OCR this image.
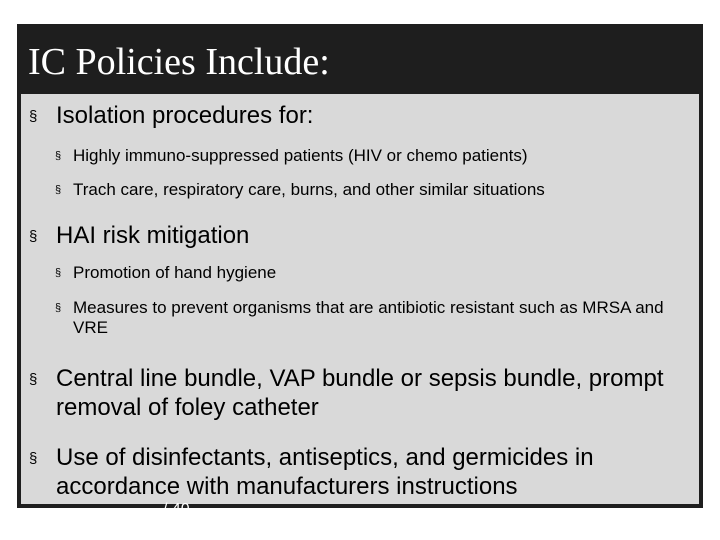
IC Policies Include:
§ Isolation procedures for:
§ Highly immuno-suppressed patients (HIV or chemo patients)
§ Trach care, respiratory care, burns, and other similar situations
§ HAI risk mitigation
§ Promotion of hand hygiene
§ Measures to prevent organisms that are antibiotic resistant such as MRSA and VRE
§ Central line bundle, VAP bundle or sepsis bundle, prompt removal of foley catheter
§ Use of disinfectants, antiseptics, and germicides in accordance with manufacturers instructions
/ 40
